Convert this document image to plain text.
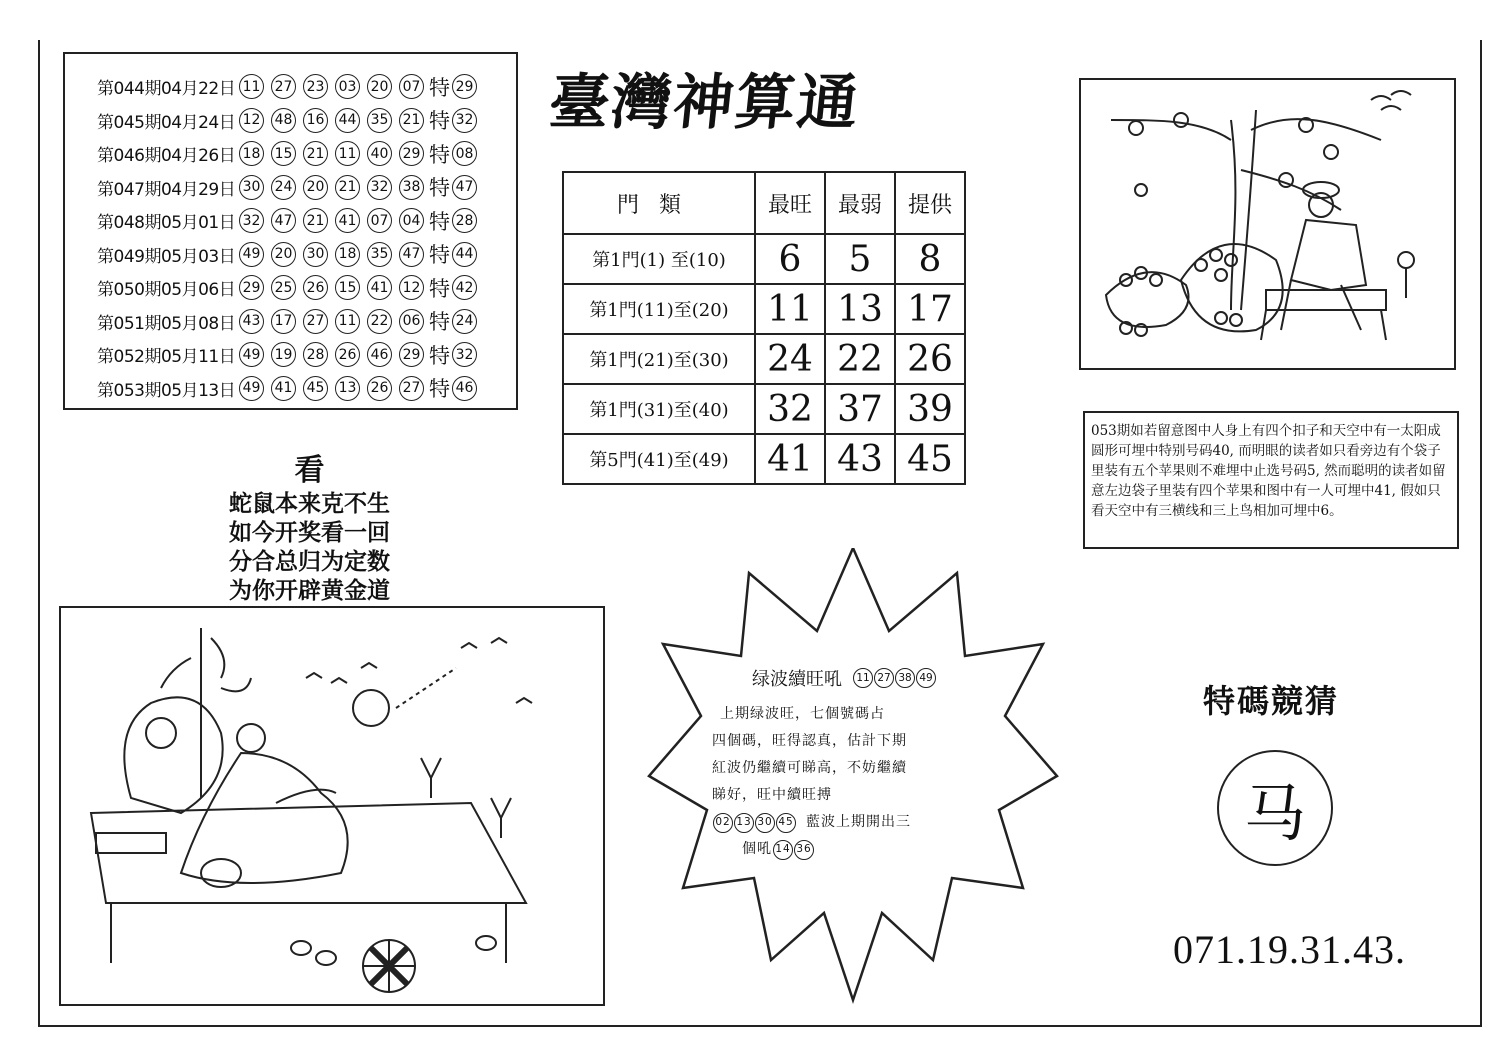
第044期04月22日 11 27 23 03 20 07 特 29
第045期04月24日 12 48 16 44 35 21 特 32
第046期04月26日 18 15 21 11 40 29 特 08
第047期04月29日 30 24 20 21 32 38 特 47
第048期05月01日 32 47 21 41 07 04 特 28
第049期05月03日 49 20 30 18 35 47 特 44
第050期05月06日 29 25 26 15 41 12 特 42
第051期05月08日 43 17 27 11 22 06 特 24
第052期05月11日 49 19 28 26 46 29 特 32
第053期05月13日 49 41 45 13 26 27 特 46
臺灣神算通
門類	最旺	最弱	提供
第1門(1) 至(10)	6	5	8
第1門(11)至(20)	11	13	17
第1門(21)至(30)	24	22	26
第1門(31)至(40)	32	37	39
第5門(41)至(49)	41	43	45
看
蛇鼠本来克不生
如今开奖看一回
分合总归为定数
为你开辟黄金道
053期如若留意图中人身上有四个扣子和天空中有一太阳成圆形可埋中特别号码40, 而明眼的读者如只看旁边有个袋子里装有五个苹果则不难埋中止选号码5, 然而聪明的读者如留意左边袋子里装有四个苹果和图中有一人可埋中41, 假如只看天空中有三横线和三上鸟相加可埋中6。
绿波續旺吼	11 27 38 49
上期绿波旺，七個號碼占
四個碼，旺得認真，估計下期
紅波仍繼續可睇高，不妨繼續
睇好，旺中續旺搏
02 13 30 45 藍波上期開出三
個吼 14 36
特碼競猜
马
071.19.31.43.
